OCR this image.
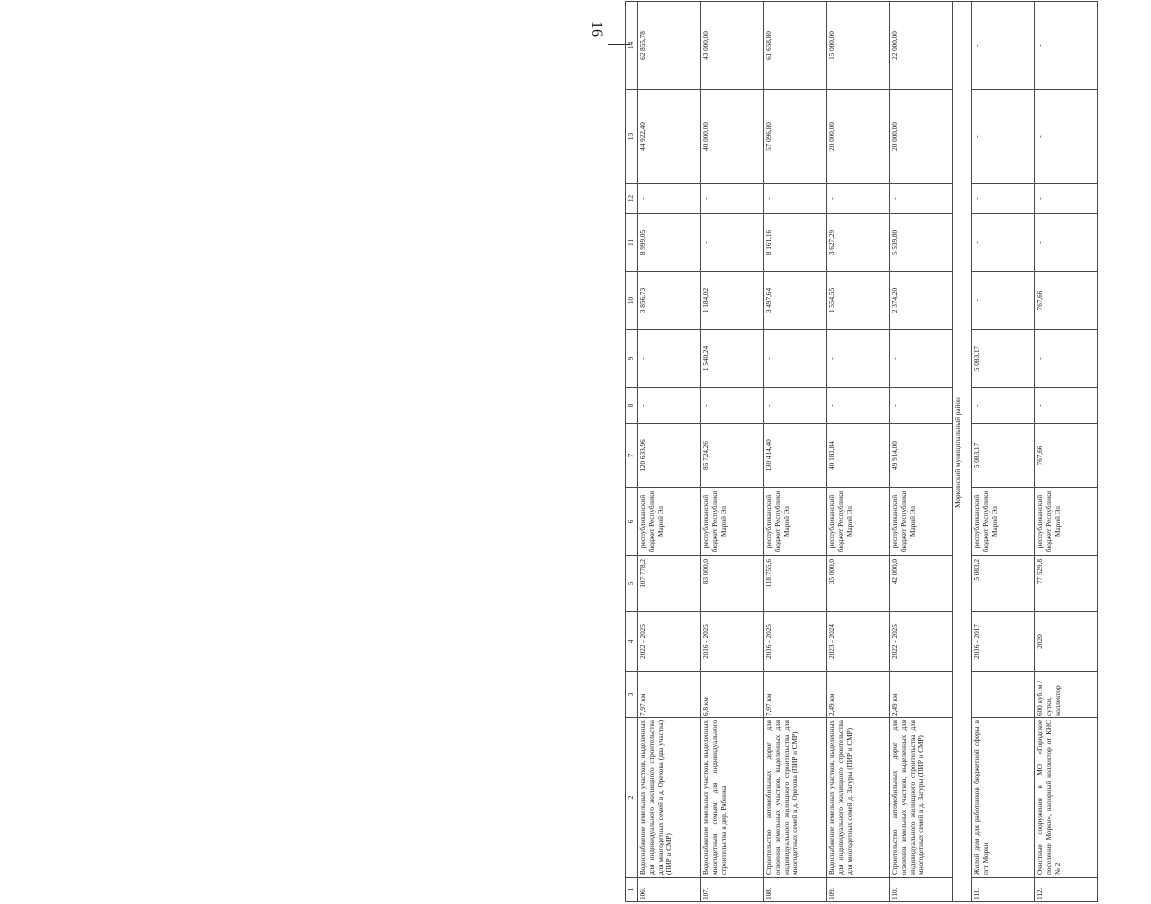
16
1	2	3	4	5	6	7	8	9	10	11	12	13	14
106.	Водоснабжение земельных участков, выделенных для индивидуального жилищного строительства для многодетных семей в д. Орехова (два участка) (ПИР и СМР)	7,97 км	2022 - 2025	107 778,2	республиканский бюджет Республики Марий Эл	120 633,96	-	-	3 856,73	8 999,05	-	44 922,40	62 855,78
107.	Водоснабжение земельных участков, выделенных многодетным семьям для индивидуального строительства в дер. Рябинка	6,8 км	2016 - 2025	83 000,0	республиканский бюджет Республики Марий Эл	85 724,26	-	1 540,24	1 184,02	-	-	40 000,00	43 000,00
108.	Строительство автомобильных дорог для освоения земельных участков, выделенных для индивидуального жилищного строительства для многодетных семей в д. Орехова (ПИР и СМР)	7,97 км	2016 - 2025	118 755,6	республиканский бюджет Республики Марий Эл	130 414,40	-	-	3 497,64	8 161,16	-	57 096,80	61 658,80
109.	Водоснабжение земельных участков, выделенных для индивидуального жилищного строительства для многодетных семей д. Загуры (ПИР и СМР)	2,49 км	2023 - 2024	35 000,0	республиканский бюджет Республики Марий Эл	40 181,84	-	-	1 554,55	3 627,29	-	20 000,00	15 000,00
110.	Строительство автомобильных дорог для освоения земельных участков, выделенных для индивидуального жилищного строительства для многодетных семей в д. Загуры (ПИР и СМР)	2,49 км	2022 - 2025	42 000,0	республиканский бюджет Республики Марий Эл	49 914,00	-	-	2 374,20	5 539,80	-	20 000,00	22 000,00
Моркинский муниципальный район													
111.	Жилой дом для работников бюджетной сферы в пгт Морки		2016 - 2017	5 083,2	республиканский бюджет Республики Марий Эл	5 083,17	-	5 083,17	-	-	-	-	-
112.	Очистные сооружения в МО «Городское поселение Морки», напорный коллектор от КНС № 2	600 куб. м / сутки, коллектор	2020	77 529,8	республиканский бюджет Республики Марий Эл	767,66	-	-	767,66	-	-	-	-
